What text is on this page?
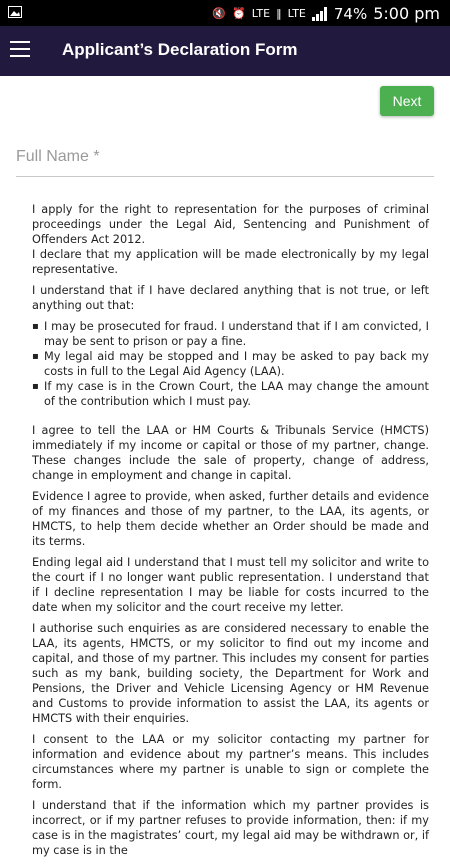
🔇 ⏰ LTE ‖ LTE 74% 5:00 pm
Applicant’s Declaration Form
Next
Full Name *

I apply for the right to representation for the purposes of criminal proceedings under the Legal Aid, Sentencing and Punishment of Offenders Act 2012.

I declare that my application will be made electronically by my legal representative.

I understand that if I have declared anything that is not true, or left anything out that:

▪ I may be prosecuted for fraud. I understand that if I am convicted, I may be sent to prison or pay a fine.
▪ My legal aid may be stopped and I may be asked to pay back my costs in full to the Legal Aid Agency (LAA).
▪ If my case is in the Crown Court, the LAA may change the amount of the contribution which I must pay.

I agree to tell the LAA or HM Courts & Tribunals Service (HMCTS) immediately if my income or capital or those of my partner, change. These changes include the sale of property, change of address, change in employment and change in capital.

Evidence I agree to provide, when asked, further details and evidence of my finances and those of my partner, to the LAA, its agents, or HMCTS, to help them decide whether an Order should be made and its terms.

Ending legal aid I understand that I must tell my solicitor and write to the court if I no longer want public representation. I understand that if I decline representation I may be liable for costs incurred to the date when my solicitor and the court receive my letter.

I authorise such enquiries as are considered necessary to enable the LAA, its agents, HMCTS, or my solicitor to find out my income and capital, and those of my partner. This includes my consent for parties such as my bank, building society, the Department for Work and Pensions, the Driver and Vehicle Licensing Agency or HM Revenue and Customs to provide information to assist the LAA, its agents or HMCTS with their enquiries.

I consent to the LAA or my solicitor contacting my partner for information and evidence about my partner’s means. This includes circumstances where my partner is unable to sign or complete the form.

I understand that if the information which my partner provides is incorrect, or if my partner refuses to provide information, then: if my case is in the magistrates’ court, my legal aid may be withdrawn or, if my case is in the
